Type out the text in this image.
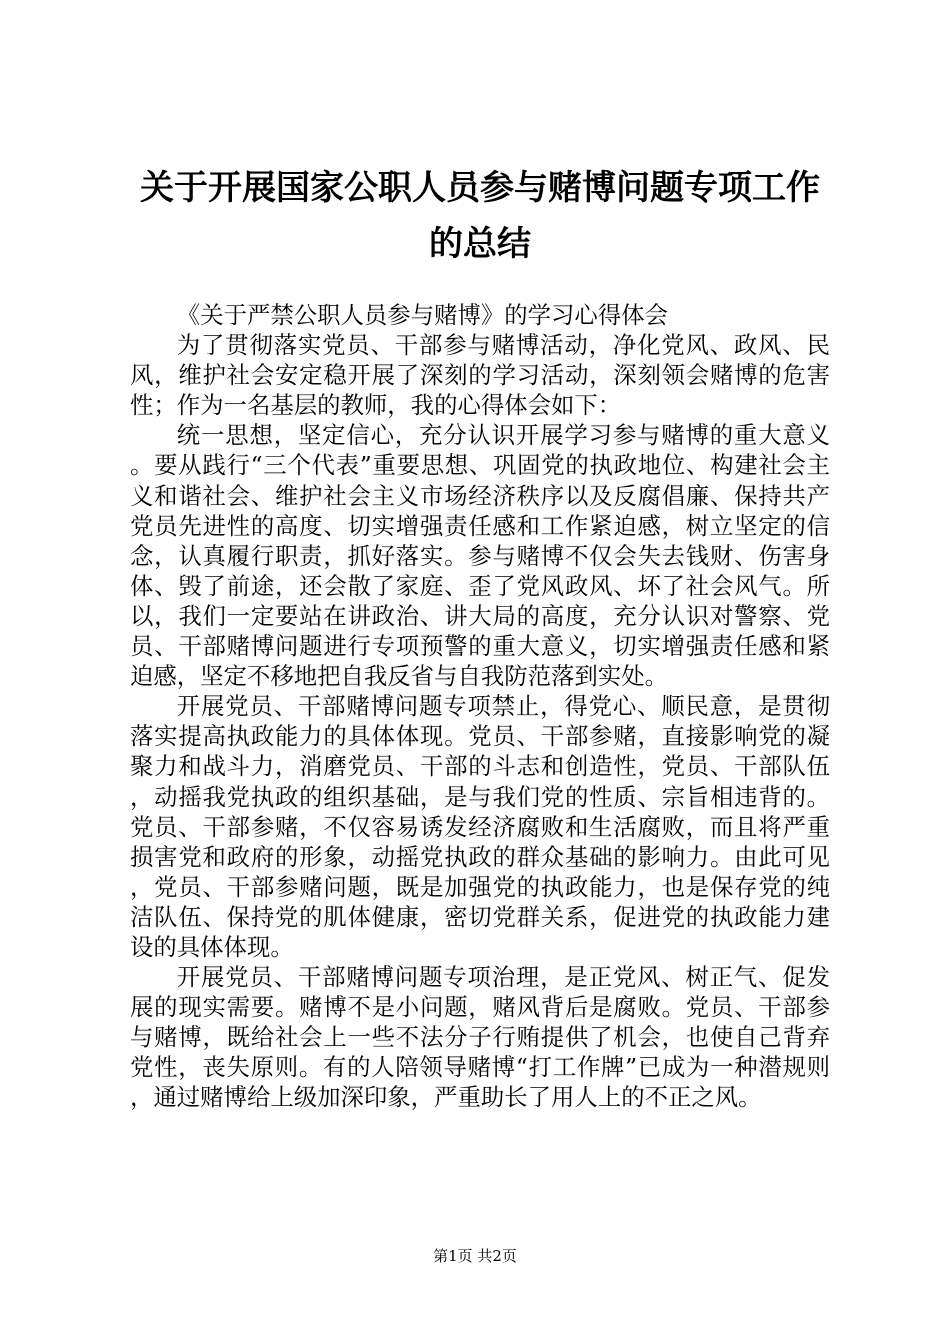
关于开展国家公职人员参与赌博问题专项工作
的总结

《关于严禁公职人员参与赌博》的学习心得体会

为了贯彻落实党员、干部参与赌博活动，净化党风、政风、民风，维护社会安定稳开展了深刻的学习活动，深刻领会赌博的危害性；作为一名基层的教师，我的心得体会如下：

统一思想，坚定信心，充分认识开展学习参与赌博的重大意义。要从践行“三个代表”重要思想、巩固党的执政地位、构建社会主义和谐社会、维护社会主义市场经济秩序以及反腐倡廉、保持共产党员先进性的高度、切实增强责任感和工作紧迫感，树立坚定的信念，认真履行职责，抓好落实。参与赌博不仅会失去钱财、伤害身体、毁了前途，还会散了家庭、歪了党风政风、坏了社会风气。所以，我们一定要站在讲政治、讲大局的高度，充分认识对警察、党员、干部赌博问题进行专项预警的重大意义，切实增强责任感和紧迫感，坚定不移地把自我反省与自我防范落到实处。

开展党员、干部赌博问题专项禁止，得党心、顺民意，是贯彻落实提高执政能力的具体体现。党员、干部参赌，直接影响党的凝聚力和战斗力，消磨党员、干部的斗志和创造性，党员、干部队伍，动摇我党执政的组织基础，是与我们党的性质、宗旨相违背的。党员、干部参赌，不仅容易诱发经济腐败和生活腐败，而且将严重损害党和政府的形象，动摇党执政的群众基础的影响力。由此可见，党员、干部参赌问题，既是加强党的执政能力，也是保存党的纯洁队伍、保持党的肌体健康，密切党群关系，促进党的执政能力建设的具体体现。

开展党员、干部赌博问题专项治理，是正党风、树正气、促发展的现实需要。赌博不是小问题，赌风背后是腐败。党员、干部参与赌博，既给社会上一些不法分子行贿提供了机会，也使自己背弃党性，丧失原则。有的人陪领导赌博“打工作牌”已成为一种潜规则，通过赌博给上级加深印象，严重助长了用人上的不正之风。

第1页 共2页
